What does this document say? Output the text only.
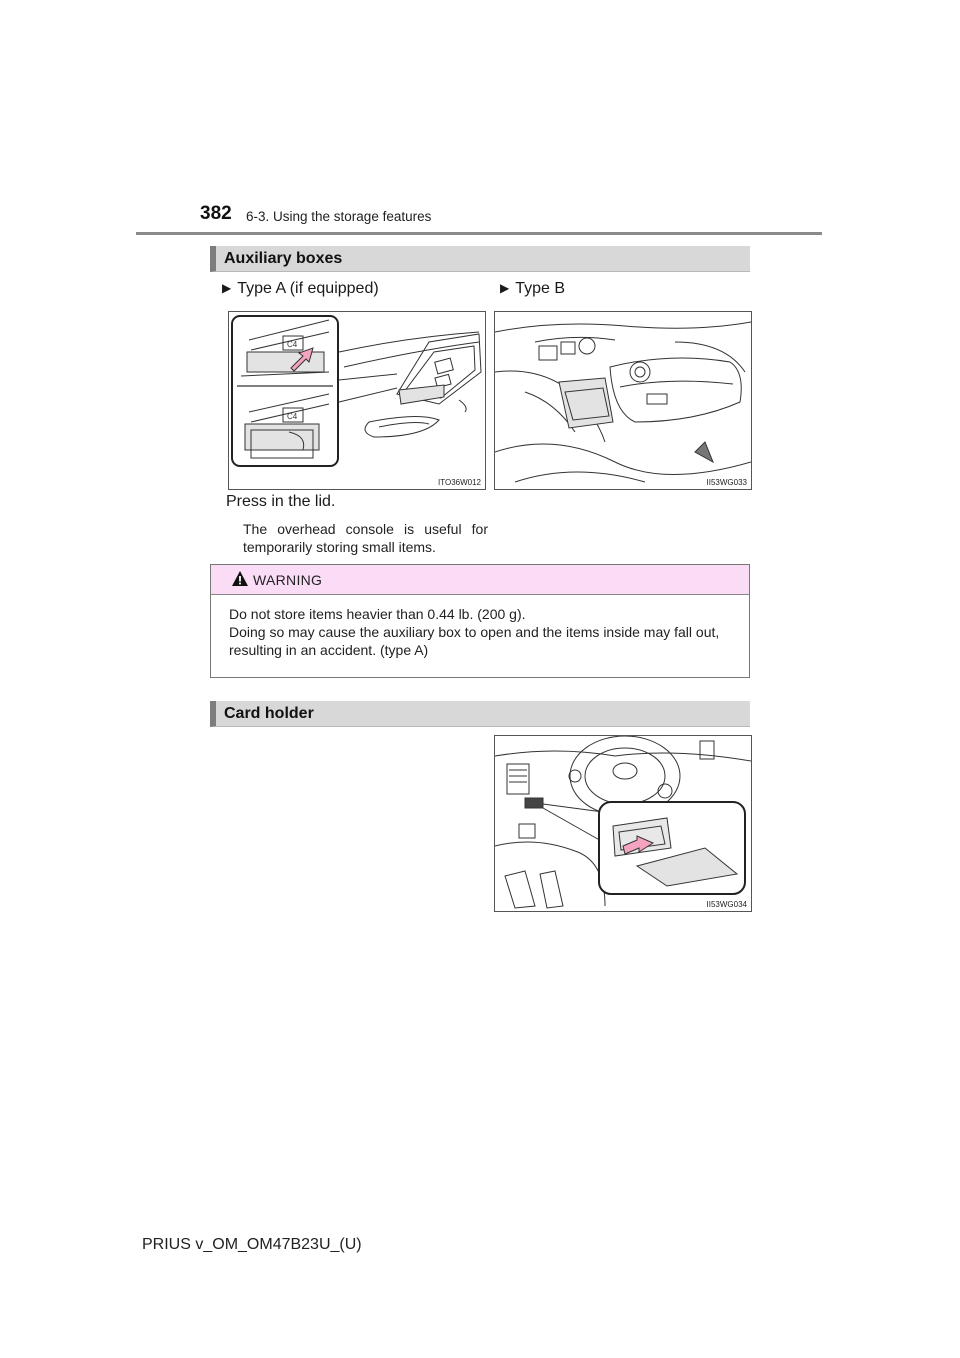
382 6-3. Using the storage features
Auxiliary boxes
▶ Type A (if equipped)	▶ Type B
C4
C4
ITO36W012	II53WG033
Press in the lid.
The overhead console is useful for temporarily storing small items.
WARNING
Do not store items heavier than 0.44 lb. (200 g).
Doing so may cause the auxiliary box to open and the items inside may fall out, resulting in an accident. (type A)
Card holder
II53WG034
PRIUS v_OM_OM47B23U_(U)
